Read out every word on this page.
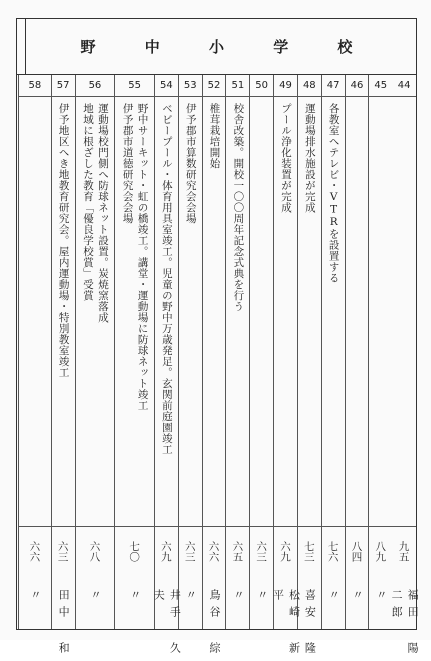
野 中 小 学 校
44
九五
福田 陽二郎
45
八九
〃
46
八四
〃
47
各教室へテレビ・VTRを設置する
七六
〃
48
運動場排水施設が完成
七三
喜安 隆
49
プール浄化装置が完成
六九
松崎 新平
50
六三
〃
51
校舎改築。開校一〇〇周年記念式典を行う
六五
〃
52
椎茸栽培開始
六六
鳥谷 綜
53
伊予郡市算数研究会会場
六三
〃
54
ベビープール・体育用具室竣工。児童の野中万歳発足。玄関前庭園竣工
六九
井手 久夫
55
野中サーキット・虹の橋竣工。講堂・運動場に防球ネット竣工
伊予郡市道徳研究会会場
七〇
〃
56
運動場校門側へ防球ネット設置。炭焼窯落成
地域に根ざした教育「優良学校賞」受賞
六八
〃
57
伊予地区へき地教育研究会。屋内運動場・特別教室竣工
六三
田中 和
58
六六
〃
